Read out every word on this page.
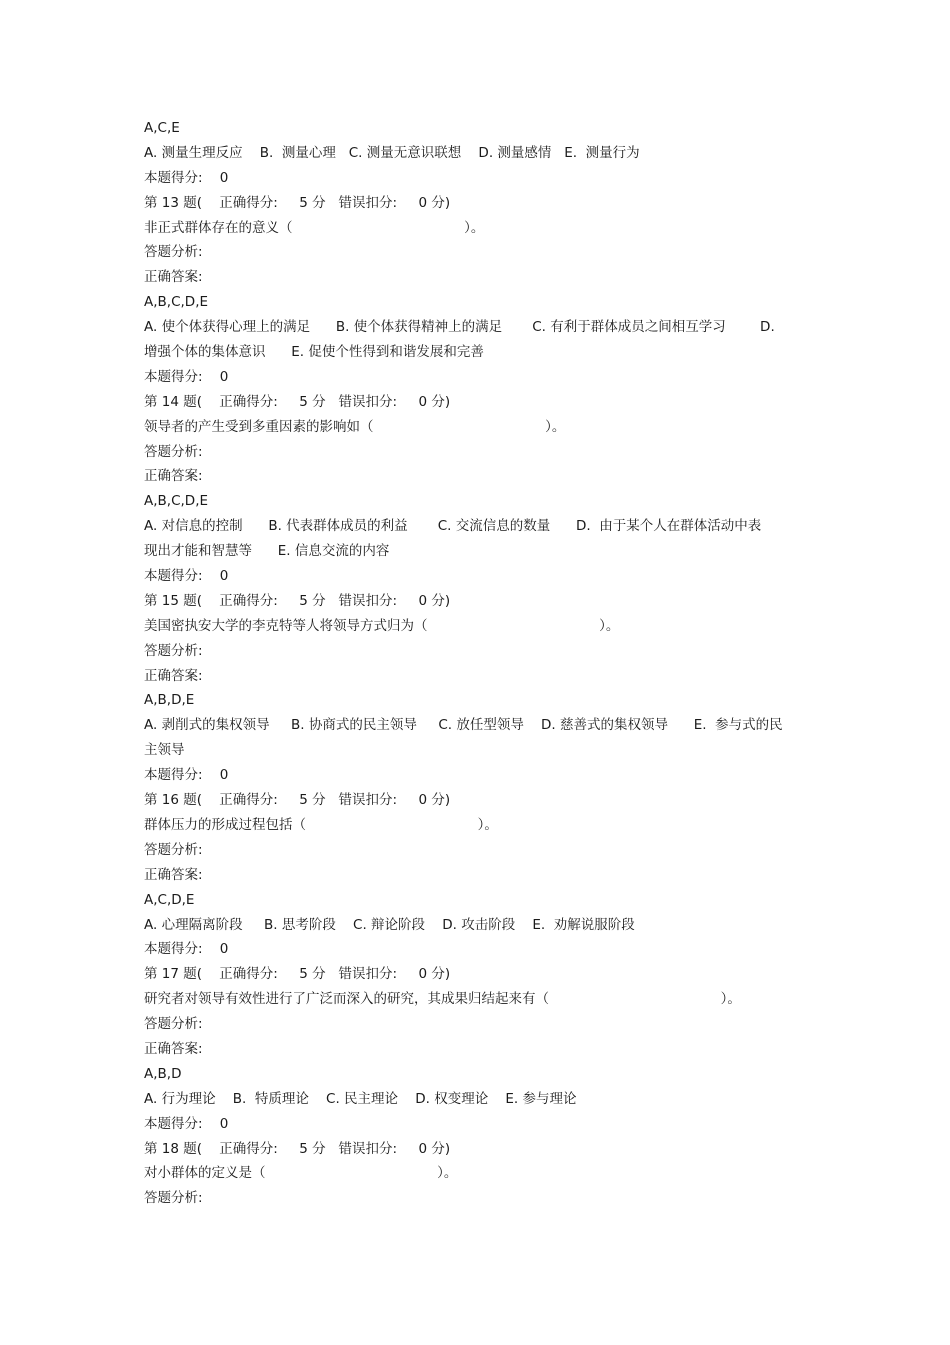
A,C,E
A. 测量生理反应    B.  测量心理   C. 测量无意识联想    D. 测量感情   E.  测量行为
本题得分:    0
第 13 题(    正确得分:     5 分   错误扣分:     0 分)
非正式群体存在的意义（                                        ）。
答题分析:
正确答案:
A,B,C,D,E
A. 使个体获得心理上的满足      B. 使个体获得精神上的满足       C. 有利于群体成员之间相互学习        D.
增强个体的集体意识      E. 促使个性得到和谐发展和完善
本题得分:    0
第 14 题(    正确得分:     5 分   错误扣分:     0 分)
领导者的产生受到多重因素的影响如（                                        ）。
答题分析:
正确答案:
A,B,C,D,E
A. 对信息的控制      B. 代表群体成员的利益       C. 交流信息的数量      D.  由于某个人在群体活动中表
现出才能和智慧等      E. 信息交流的内容
本题得分:    0
第 15 题(    正确得分:     5 分   错误扣分:     0 分)
美国密执安大学的李克特等人将领导方式归为（                                        ）。
答题分析:
正确答案:
A,B,D,E
A. 剥削式的集权领导     B. 协商式的民主领导     C. 放任型领导    D. 慈善式的集权领导      E.  参与式的民
主领导
本题得分:    0
第 16 题(    正确得分:     5 分   错误扣分:     0 分)
群体压力的形成过程包括（                                        ）。
答题分析:
正确答案:
A,C,D,E
A. 心理隔离阶段     B. 思考阶段    C. 辩论阶段    D. 攻击阶段    E.  劝解说服阶段
本题得分:    0
第 17 题(    正确得分:     5 分   错误扣分:     0 分)
研究者对领导有效性进行了广泛而深入的研究，其成果归结起来有（                                        ）。
答题分析:
正确答案:
A,B,D
A. 行为理论    B.  特质理论    C. 民主理论    D. 权变理论    E. 参与理论
本题得分:    0
第 18 题(    正确得分:     5 分   错误扣分:     0 分)
对小群体的定义是（                                        ）。
答题分析:
